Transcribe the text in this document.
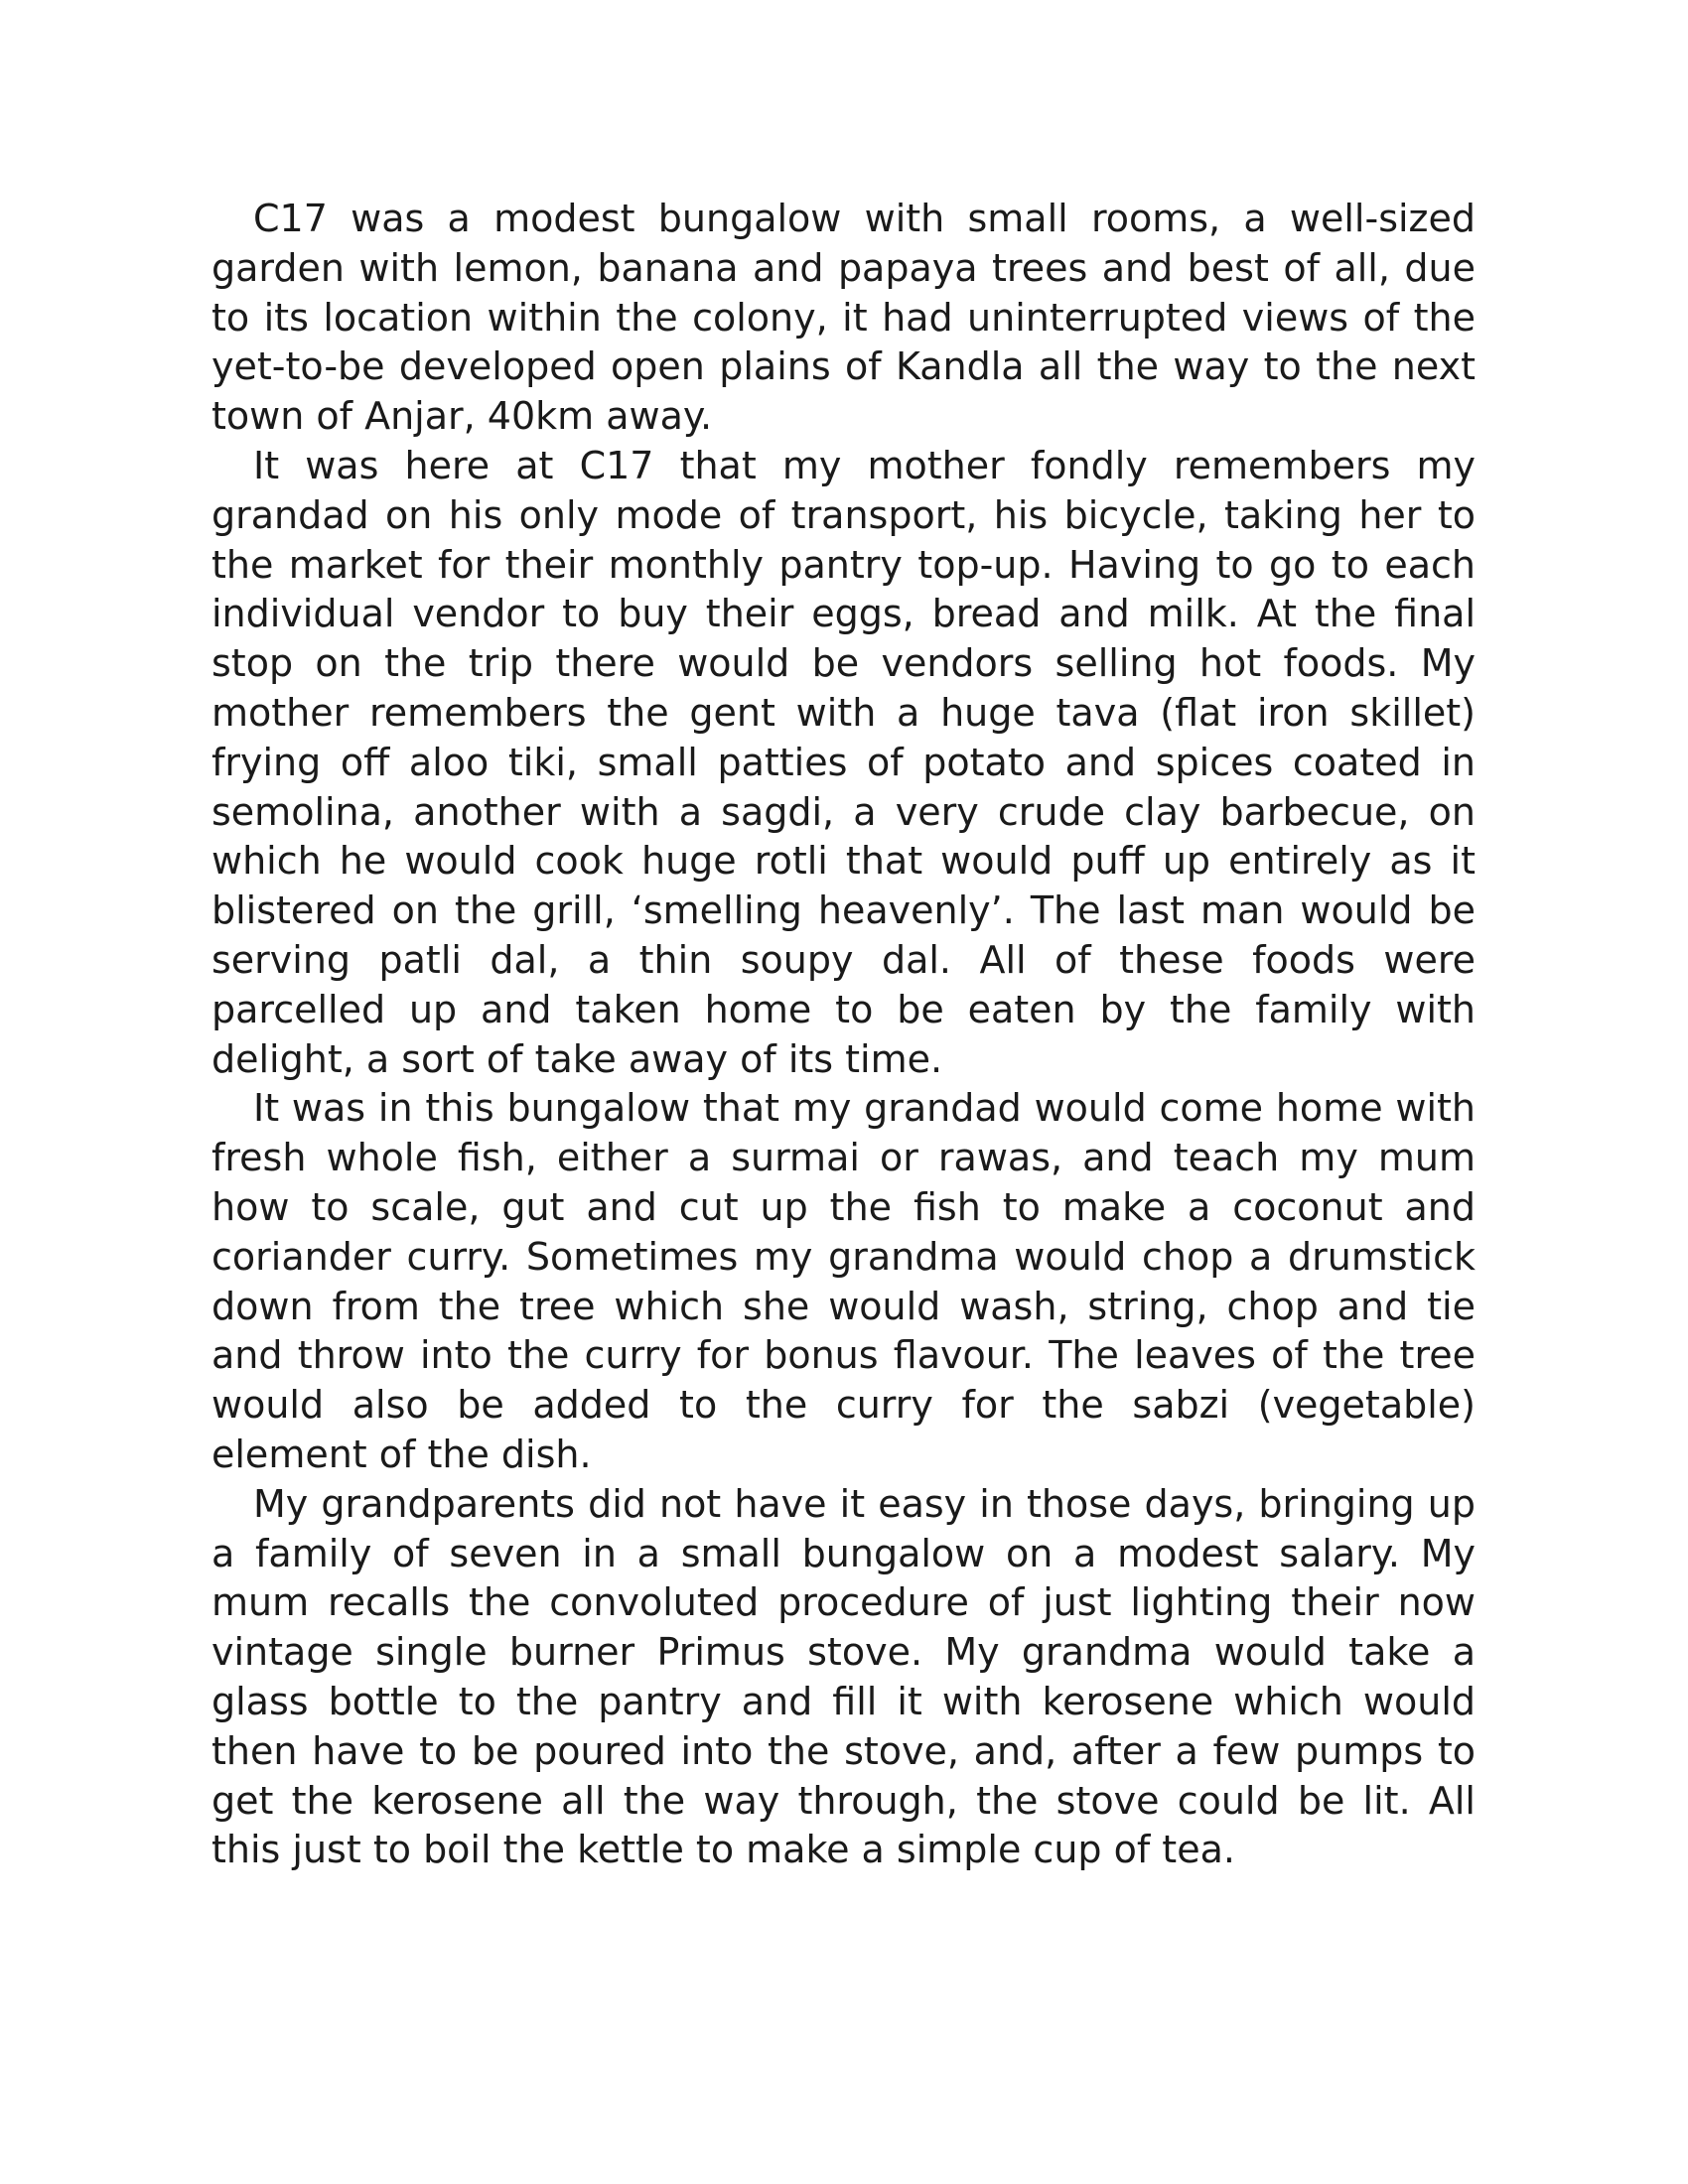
C17 was a modest bungalow with small rooms, a well-sized garden with lemon, banana and papaya trees and best of all, due to its location within the colony, it had uninterrupted views of the yet-to-be developed open plains of Kandla all the way to the next town of Anjar, 40km away.

It was here at C17 that my mother fondly remembers my grandad on his only mode of transport, his bicycle, taking her to the market for their monthly pantry top-up. Having to go to each individual vendor to buy their eggs, bread and milk. At the final stop on the trip there would be vendors selling hot foods. My mother remembers the gent with a huge tava (flat iron skillet) frying off aloo tiki, small patties of potato and spices coated in semolina, another with a sagdi, a very crude clay barbecue, on which he would cook huge rotli that would puff up entirely as it blistered on the grill, ‘smelling heavenly’. The last man would be serving patli dal, a thin soupy dal. All of these foods were parcelled up and taken home to be eaten by the family with delight, a sort of take away of its time.

It was in this bungalow that my grandad would come home with fresh whole fish, either a surmai or rawas, and teach my mum how to scale, gut and cut up the fish to make a coconut and coriander curry. Sometimes my grandma would chop a drumstick down from the tree which she would wash, string, chop and tie and throw into the curry for bonus flavour. The leaves of the tree would also be added to the curry for the sabzi (vegetable) element of the dish.

My grandparents did not have it easy in those days, bringing up a family of seven in a small bungalow on a modest salary. My mum recalls the convoluted procedure of just lighting their now vintage single burner Primus stove. My grandma would take a glass bottle to the pantry and fill it with kerosene which would then have to be poured into the stove, and, after a few pumps to get the kerosene all the way through, the stove could be lit. All this just to boil the kettle to make a simple cup of tea.
